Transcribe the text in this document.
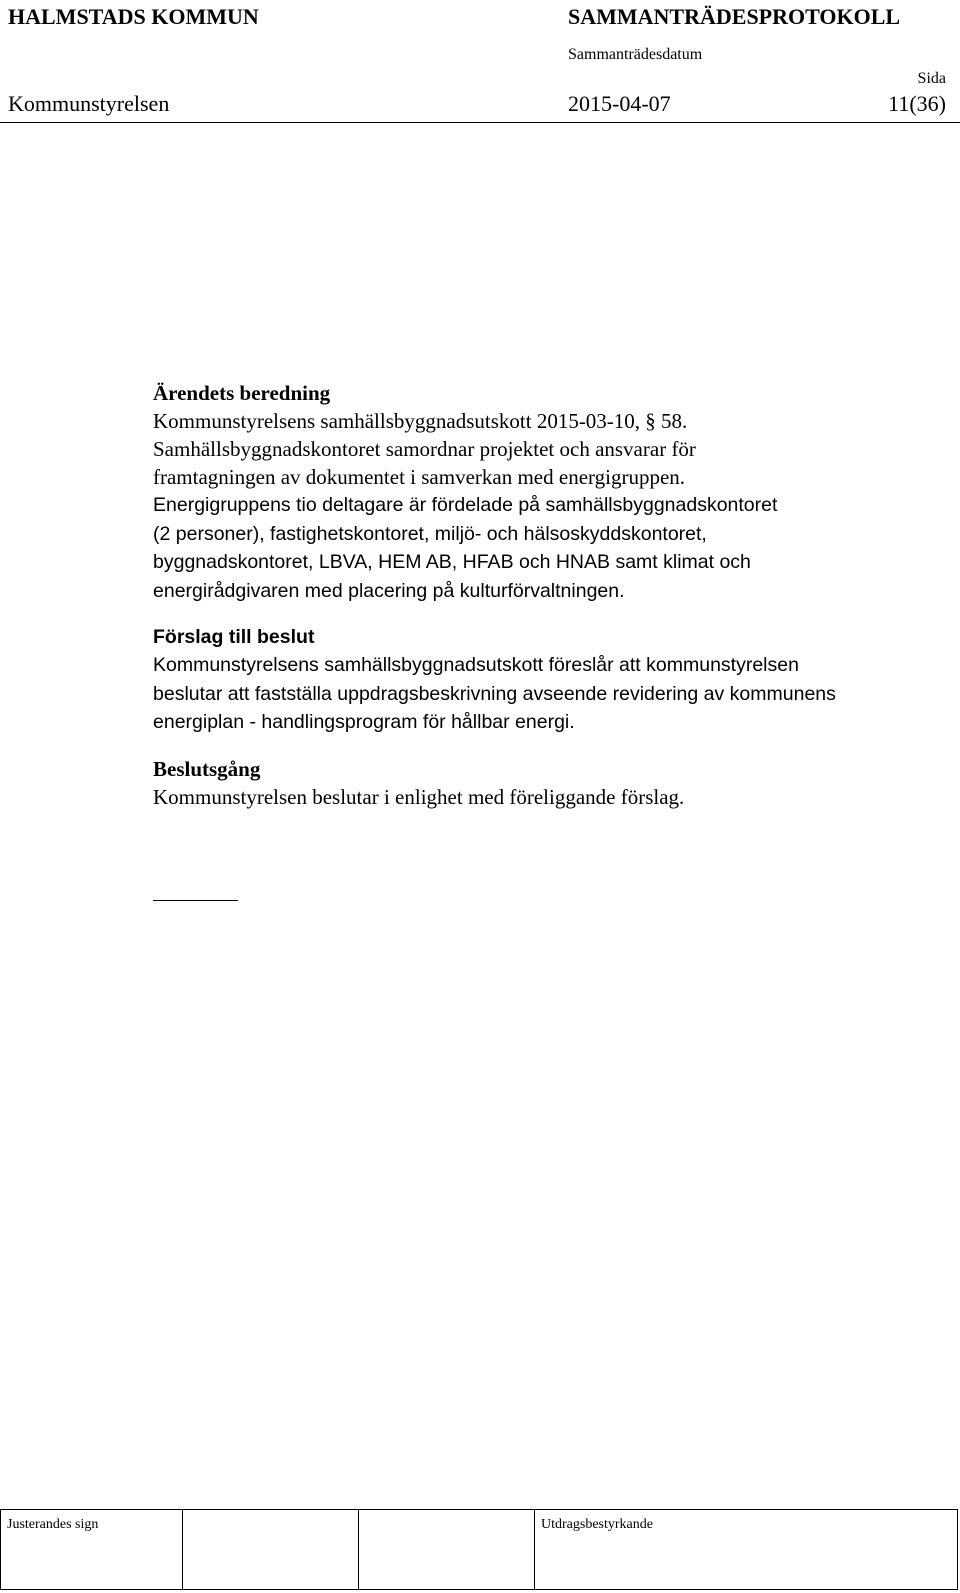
HALMSTADS KOMMUN	SAMMANTRÄDESPROTOKOLL
Sammanträdesdatum
Sida
Kommunstyrelsen	2015-04-07	11(36)
Ärendets beredning
Kommunstyrelsens samhällsbyggnadsutskott 2015-03-10, § 58.
Samhällsbyggnadskontoret samordnar projektet och ansvarar för
framtagningen av dokumentet i samverkan med energigruppen.
Energigruppens tio deltagare är fördelade på samhällsbyggnadskontoret
(2 personer), fastighetskontoret, miljö- och hälsoskyddskontoret,
byggnadskontoret, LBVA, HEM AB, HFAB och HNAB samt klimat och
energirådgivaren med placering på kulturförvaltningen.
Förslag till beslut
Kommunstyrelsens samhällsbyggnadsutskott föreslår att kommunstyrelsen
beslutar att fastställa uppdragsbeskrivning avseende revidering av kommunens
energiplan - handlingsprogram för hållbar energi.
Beslutsgång
Kommunstyrelsen beslutar i enlighet med föreliggande förslag.
Justerandes sign	Utdragsbestyrkande
